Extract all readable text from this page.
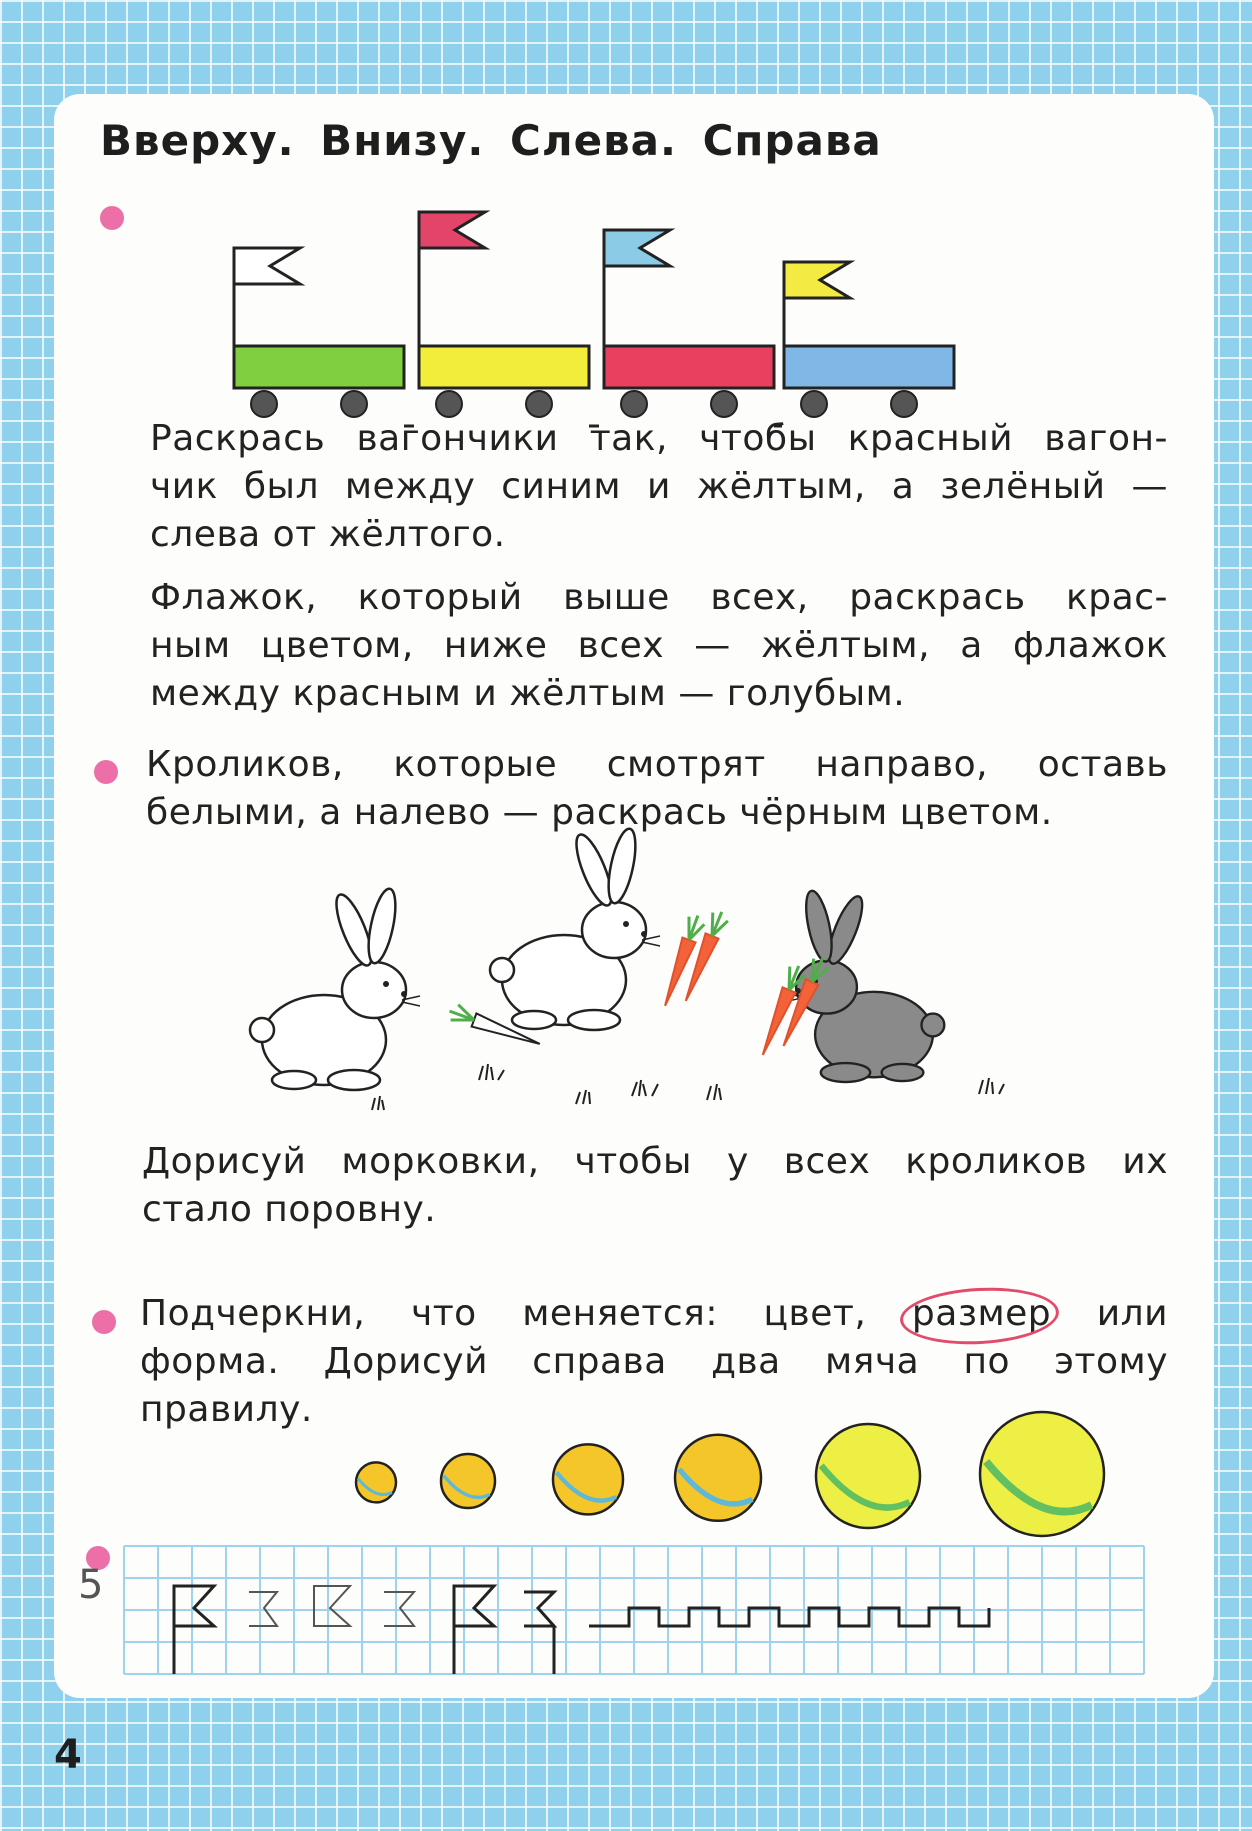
Вверху. Внизу. Слева. Справа

Раскрась вагончики так, чтобы красный вагон-
чик был между синим и жёлтым, а зелёный —
слева от жёлтого.

Флажок, который выше всех, раскрась крас-
ным цветом, ниже всех — жёлтым, а флажок
между красным и жёлтым — голубым.

Кроликов, которые смотрят направо, оставь
белыми, а налево — раскрась чёрным цветом.

Дорисуй морковки, чтобы у всех кроликов их
стало поровну.

Подчеркни, что меняется: цвет, размер или
форма. Дорисуй справа два мяча по этому
правилу.

5
4
